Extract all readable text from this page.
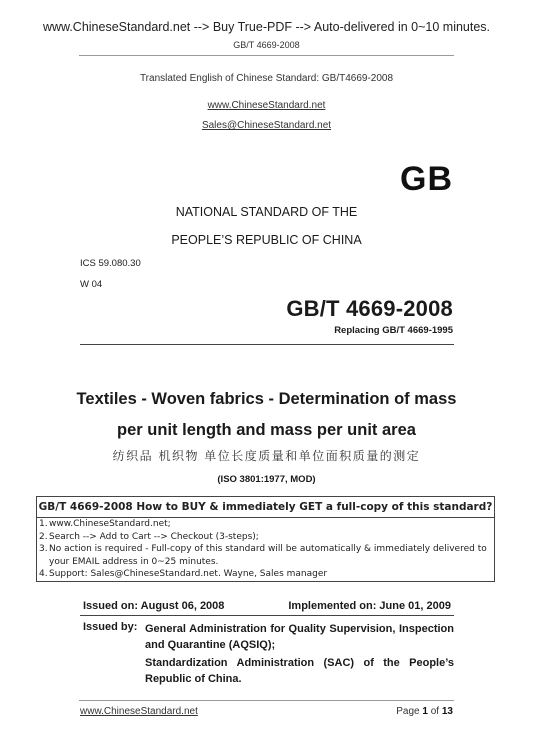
www.ChineseStandard.net --> Buy True-PDF --> Auto-delivered in 0~10 minutes.
GB/T 4669-2008
Translated English of Chinese Standard: GB/T4669-2008
www.ChineseStandard.net
Sales@ChineseStandard.net
GB
NATIONAL STANDARD OF THE
PEOPLE’S REPUBLIC OF CHINA
ICS 59.080.30
W 04
GB/T 4669-2008
Replacing GB/T 4669-1995
Textiles - Woven fabrics - Determination of mass
per unit length and mass per unit area
纺织品 机织物 单位长度质量和单位面积质量的测定
(ISO 3801:1977, MOD)
GB/T 4669-2008 How to BUY & immediately GET a full-copy of this standard?
1.www.ChineseStandard.net;
2.Search --> Add to Cart --> Checkout (3-steps);
3.No action is required - Full-copy of this standard will be automatically & immediately delivered to
your EMAIL address in 0~25 minutes.
4.Support: Sales@ChineseStandard.net. Wayne, Sales manager
Issued on: August 06, 2008	Implemented on: June 01, 2009
Issued by: General Administration for Quality Supervision, Inspection and Quarantine (AQSIQ);
Standardization Administration (SAC) of the People’s Republic of China.
www.ChineseStandard.net	Page 1 of 13
